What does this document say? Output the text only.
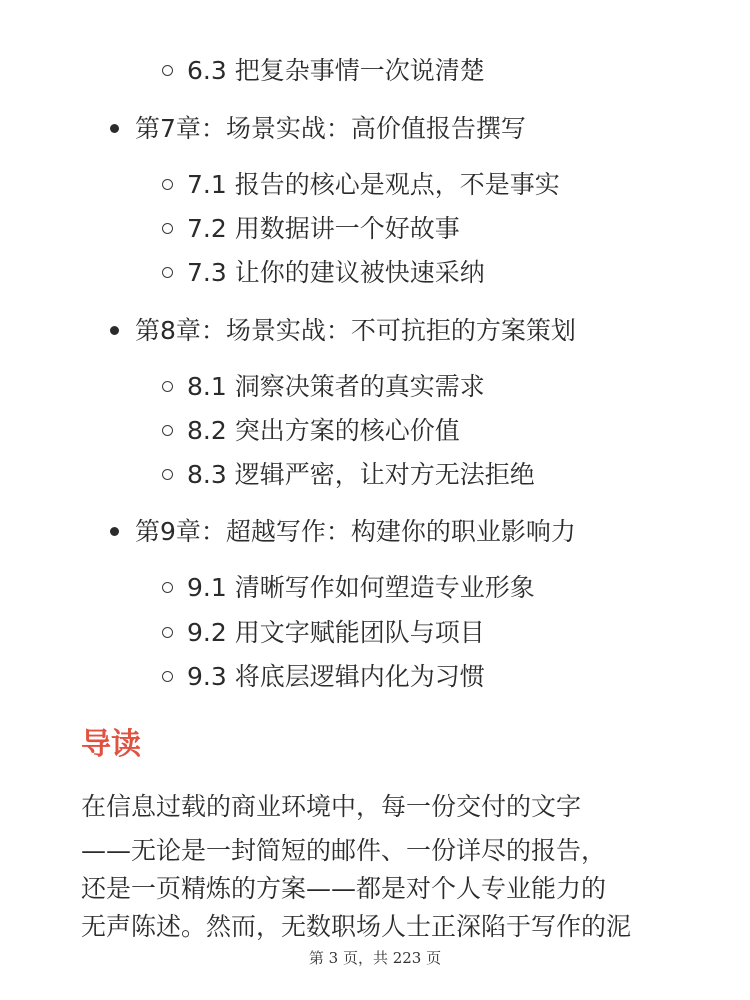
6.3 把复杂事情一次说清楚
第7章：场景实战：高价值报告撰写
7.1 报告的核心是观点，不是事实
7.2 用数据讲一个好故事
7.3 让你的建议被快速采纳
第8章：场景实战：不可抗拒的方案策划
8.1 洞察决策者的真实需求
8.2 突出方案的核心价值
8.3 逻辑严密，让对方无法拒绝
第9章：超越写作：构建你的职业影响力
9.1 清晰写作如何塑造专业形象
9.2 用文字赋能团队与项目
9.3 将底层逻辑内化为习惯
导读
在信息过载的商业环境中，每一份交付的文字
——无论是一封简短的邮件、一份详尽的报告，
还是一页精炼的方案——都是对个人专业能力的
无声陈述。然而，无数职场人士正深陷于写作的泥
第 3 页，共 223 页
